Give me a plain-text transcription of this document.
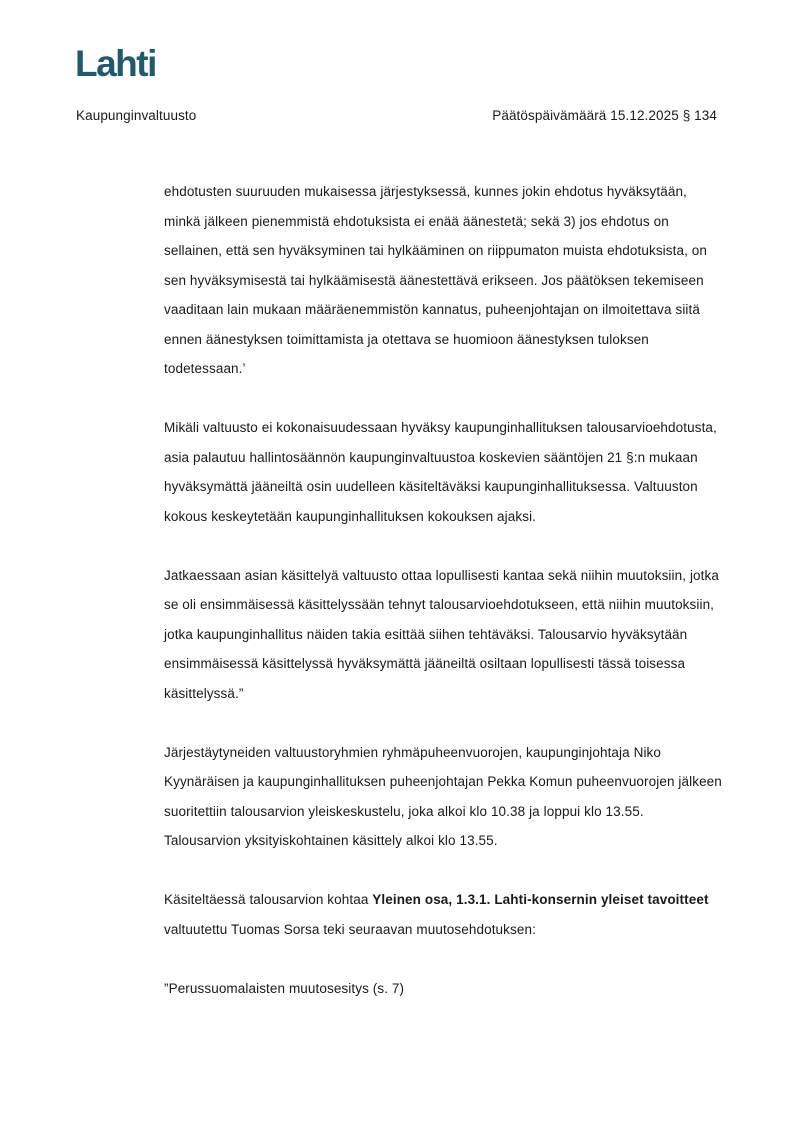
Lahti
Kaupunginvaltuusto	Päätöspäivämäärä 15.12.2025 § 134

ehdotusten suuruuden mukaisessa järjestyksessä, kunnes jokin ehdotus hyväksytään, minkä jälkeen pienemmistä ehdotuksista ei enää äänestetä; sekä 3) jos ehdotus on sellainen, että sen hyväksyminen tai hylkääminen on riippumaton muista ehdotuksista, on sen hyväksymisestä tai hylkäämisestä äänestettävä erikseen. Jos päätöksen tekemiseen vaaditaan lain mukaan määräenemmistön kannatus, puheenjohtajan on ilmoitettava siitä ennen äänestyksen toimittamista ja otettava se huomioon äänestyksen tuloksen todetessaan.’

Mikäli valtuusto ei kokonaisuudessaan hyväksy kaupunginhallituksen talousarvioehdotusta, asia palautuu hallintosäännön kaupunginvaltuustoa koskevien sääntöjen 21 §:n mukaan hyväksymättä jääneiltä osin uudelleen käsiteltäväksi kaupunginhallituksessa. Valtuuston kokous keskeytetään kaupunginhallituksen kokouksen ajaksi.

Jatkaessaan asian käsittelyä valtuusto ottaa lopullisesti kantaa sekä niihin muutoksiin, jotka se oli ensimmäisessä käsittelyssään tehnyt talousarvioehdotukseen, että niihin muutoksiin, jotka kaupunginhallitus näiden takia esittää siihen tehtäväksi. Talousarvio hyväksytään ensimmäisessä käsittelyssä hyväksymättä jääneiltä osiltaan lopullisesti tässä toisessa käsittelyssä.”

Järjestäytyneiden valtuustoryhmien ryhmäpuheenvuorojen, kaupunginjohtaja Niko Kyynäräisen ja kaupunginhallituksen puheenjohtajan Pekka Komun puheenvuorojen jälkeen suoritettiin talousarvion yleiskeskustelu, joka alkoi klo 10.38 ja loppui klo 13.55. Talousarvion yksityiskohtainen käsittely alkoi klo 13.55.

Käsiteltäessä talousarvion kohtaa Yleinen osa, 1.3.1. Lahti-konsernin yleiset tavoitteet valtuutettu Tuomas Sorsa teki seuraavan muutosehdotuksen:

”Perussuomalaisten muutosesitys (s. 7)
